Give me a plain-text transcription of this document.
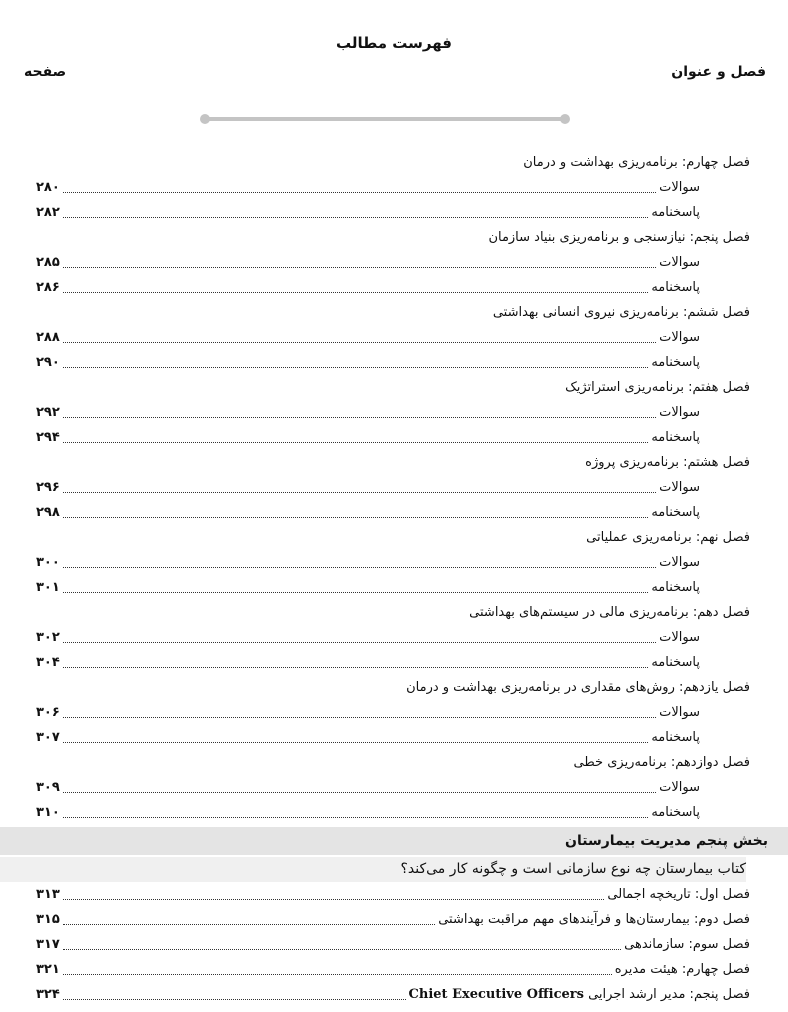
فهرست مطالب
فصل و عنوان
صفحه
فصل چهارم: برنامه‌ریزی بهداشت و درمان
سوالات
۲۸۰
پاسخنامه
۲۸۲
فصل پنجم: نیازسنجی و برنامه‌ریزی بنیاد سازمان
سوالات
۲۸۵
پاسخنامه
۲۸۶
فصل ششم: برنامه‌ریزی نیروی انسانی بهداشتی
سوالات
۲۸۸
پاسخنامه
۲۹۰
فصل هفتم: برنامه‌ریزی استراتژیک
سوالات
۲۹۲
پاسخنامه
۲۹۴
فصل هشتم: برنامه‌ریزی پروژه
سوالات
۲۹۶
پاسخنامه
۲۹۸
فصل نهم: برنامه‌ریزی عملیاتی
سوالات
۳۰۰
پاسخنامه
۳۰۱
فصل دهم: برنامه‌ریزی مالی در سیستم‌های بهداشتی
سوالات
۳۰۲
پاسخنامه
۳۰۴
فصل یازدهم: روش‌های مقداری در برنامه‌ریزی بهداشت و درمان
سوالات
۳۰۶
پاسخنامه
۳۰۷
فصل دوازدهم: برنامه‌ریزی خطی
سوالات
۳۰۹
پاسخنامه
۳۱۰
بخش پنجم مدیریت بیمارستان
کتاب بیمارستان چه نوع سازمانی است و چگونه کار می‌کند؟
فصل اول: تاریخچه اجمالی
۳۱۳
فصل دوم: بیمارستان‌ها و فرآیندهای مهم مراقبت بهداشتی
۳۱۵
فصل سوم: سازماندهی
۳۱۷
فصل چهارم: هیئت مدیره
۳۲۱
فصل پنجم: مدیر ارشد اجرایی

Chiet Executive Officers
۳۲۴
